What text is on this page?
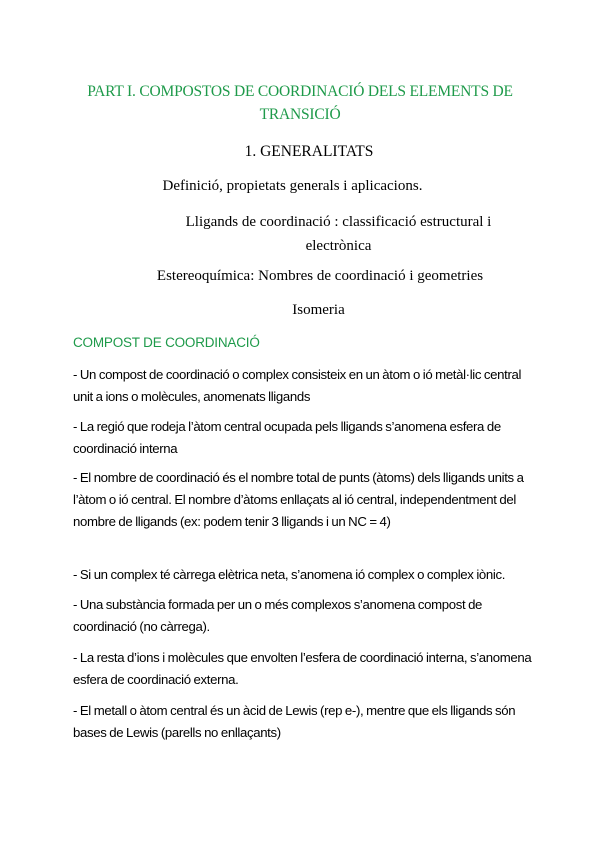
PART I. COMPOSTOS DE COORDINACIÓ DELS ELEMENTS DE TRANSICIÓ
1. GENERALITATS
Definició, propietats generals i aplicacions.
Lligands de coordinació : classificació estructural i electrònica
Estereoquímica: Nombres de coordinació i geometries
Isomeria
COMPOST DE COORDINACIÓ
- Un compost de coordinació o complex consisteix en un àtom o ió metàl·lic central unit a ions o molècules, anomenats lligands
- La regió que rodeja l’àtom central ocupada pels lligands s’anomena esfera de coordinació interna
- El nombre de coordinació és el nombre total de punts (àtoms) dels lligands units a l’àtom o ió central. El nombre d’àtoms enllaçats al ió central, independentment del nombre de lligands (ex: podem tenir 3 lligands i un NC = 4)
- Si un complex té càrrega elètrica neta, s’anomena ió complex o complex iònic.
- Una substància formada per un o més complexos s’anomena compost de coordinació (no càrrega).
- La resta d’ions i molècules que envolten l’esfera de coordinació interna, s’anomena esfera de coordinació externa.
- El metall o àtom central és un àcid de Lewis (rep e-), mentre que els lligands són bases de Lewis (parells no enllaçants)
